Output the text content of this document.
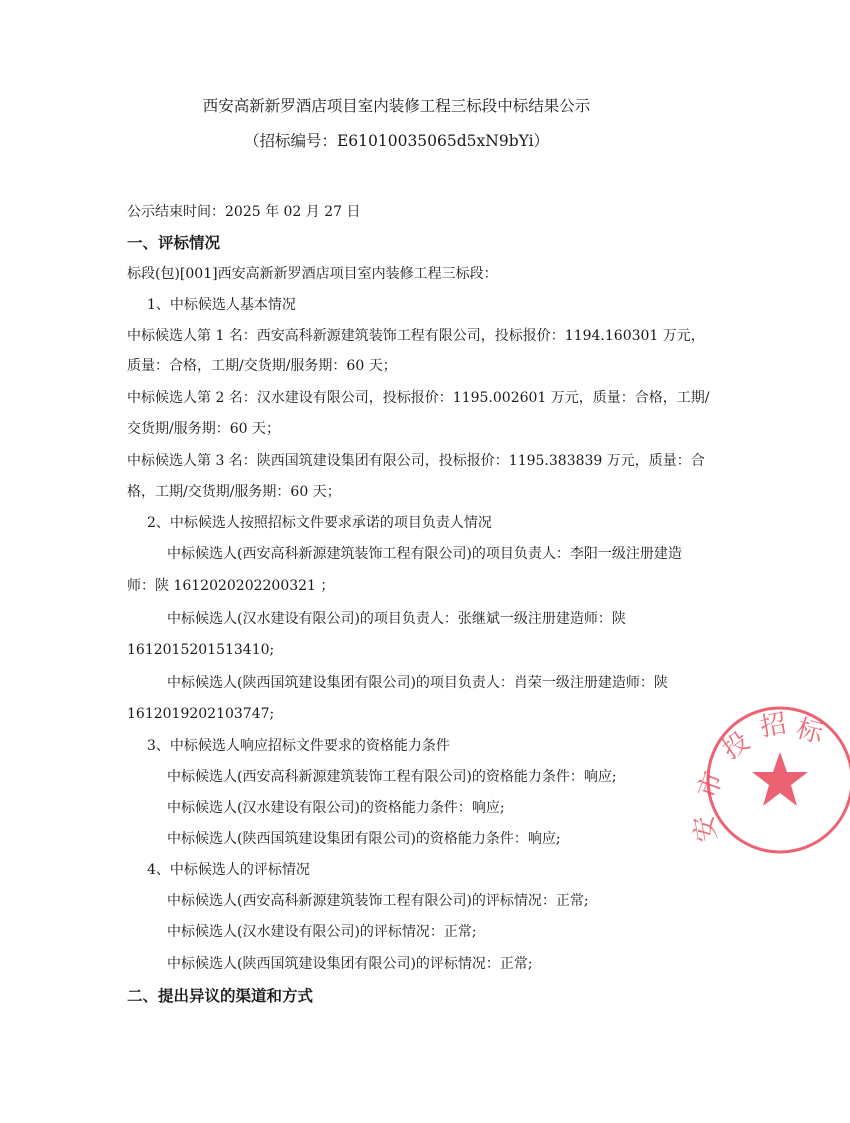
西安高新新罗酒店项目室内装修工程三标段中标结果公示
（招标编号：E61010035065d5xN9bYi）
公示结束时间：2025 年 02 月 27 日
一、评标情况
标段(包)[001]西安高新新罗酒店项目室内装修工程三标段：
1、中标候选人基本情况
中标候选人第 1 名：西安高科新源建筑装饰工程有限公司，投标报价：1194.160301 万元，
质量：合格，工期/交货期/服务期：60 天；
中标候选人第 2 名：汉水建设有限公司，投标报价：1195.002601 万元，质量：合格，工期/
交货期/服务期：60 天；
中标候选人第 3 名：陕西国筑建设集团有限公司，投标报价：1195.383839 万元，质量：合
格，工期/交货期/服务期：60 天；
2、中标候选人按照招标文件要求承诺的项目负责人情况
中标候选人(西安高科新源建筑装饰工程有限公司)的项目负责人：李阳一级注册建造
师：陕 1612020202200321 ；
中标候选人(汉水建设有限公司)的项目负责人：张继斌一级注册建造师：陕
1612015201513410;
中标候选人(陕西国筑建设集团有限公司)的项目负责人：肖荣一级注册建造师：陕
1612019202103747;
3、中标候选人响应招标文件要求的资格能力条件
中标候选人(西安高科新源建筑装饰工程有限公司)的资格能力条件：响应;
中标候选人(汉水建设有限公司)的资格能力条件：响应;
中标候选人(陕西国筑建设集团有限公司)的资格能力条件：响应;
4、中标候选人的评标情况
中标候选人(西安高科新源建筑装饰工程有限公司)的评标情况：正常;
中标候选人(汉水建设有限公司)的评标情况：正常;
中标候选人(陕西国筑建设集团有限公司)的评标情况：正常;
二、提出异议的渠道和方式
投
招 标
市
安
